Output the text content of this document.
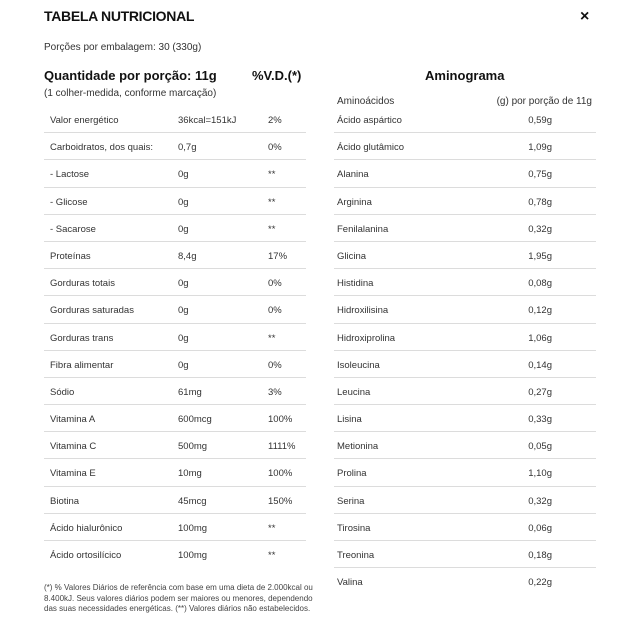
TABELA NUTRICIONAL	×
Porções por embalagem: 30 (330g)
Quantidade por porção: 11g	%V.D.(*)
(1 colher-medida, conforme marcação)
Aminograma
Aminoácidos	(g) por porção de 11g
Valor energético	36kcal=151kJ	2%
Carboidratos, dos quais:	0,7g	0%
- Lactose	0g	**
- Glicose	0g	**
- Sacarose	0g	**
Proteínas	8,4g	17%
Gorduras totais	0g	0%
Gorduras saturadas	0g	0%
Gorduras trans	0g	**
Fibra alimentar	0g	0%
Sódio	61mg	3%
Vitamina A	600mcg	100%
Vitamina C	500mg	1111%
Vitamina E	10mg	100%
Biotina	45mcg	150%
Ácido hialurônico	100mg	**
Ácido ortosilícico	100mg	**
Ácido aspártico	0,59g
Ácido glutâmico	1,09g
Alanina	0,75g
Arginina	0,78g
Fenilalanina	0,32g
Glicina	1,95g
Histidina	0,08g
Hidroxilisina	0,12g
Hidroxiprolina	1,06g
Isoleucina	0,14g
Leucina	0,27g
Lisina	0,33g
Metionina	0,05g
Prolina	1,10g
Serina	0,32g
Tirosina	0,06g
Treonina	0,18g
Valina	0,22g
(*) % Valores Diários de referência com base em uma dieta de 2.000kcal ou 8.400kJ. Seus valores diários podem ser maiores ou menores, dependendo das suas necessidades energéticas. (**) Valores diários não estabelecidos.
